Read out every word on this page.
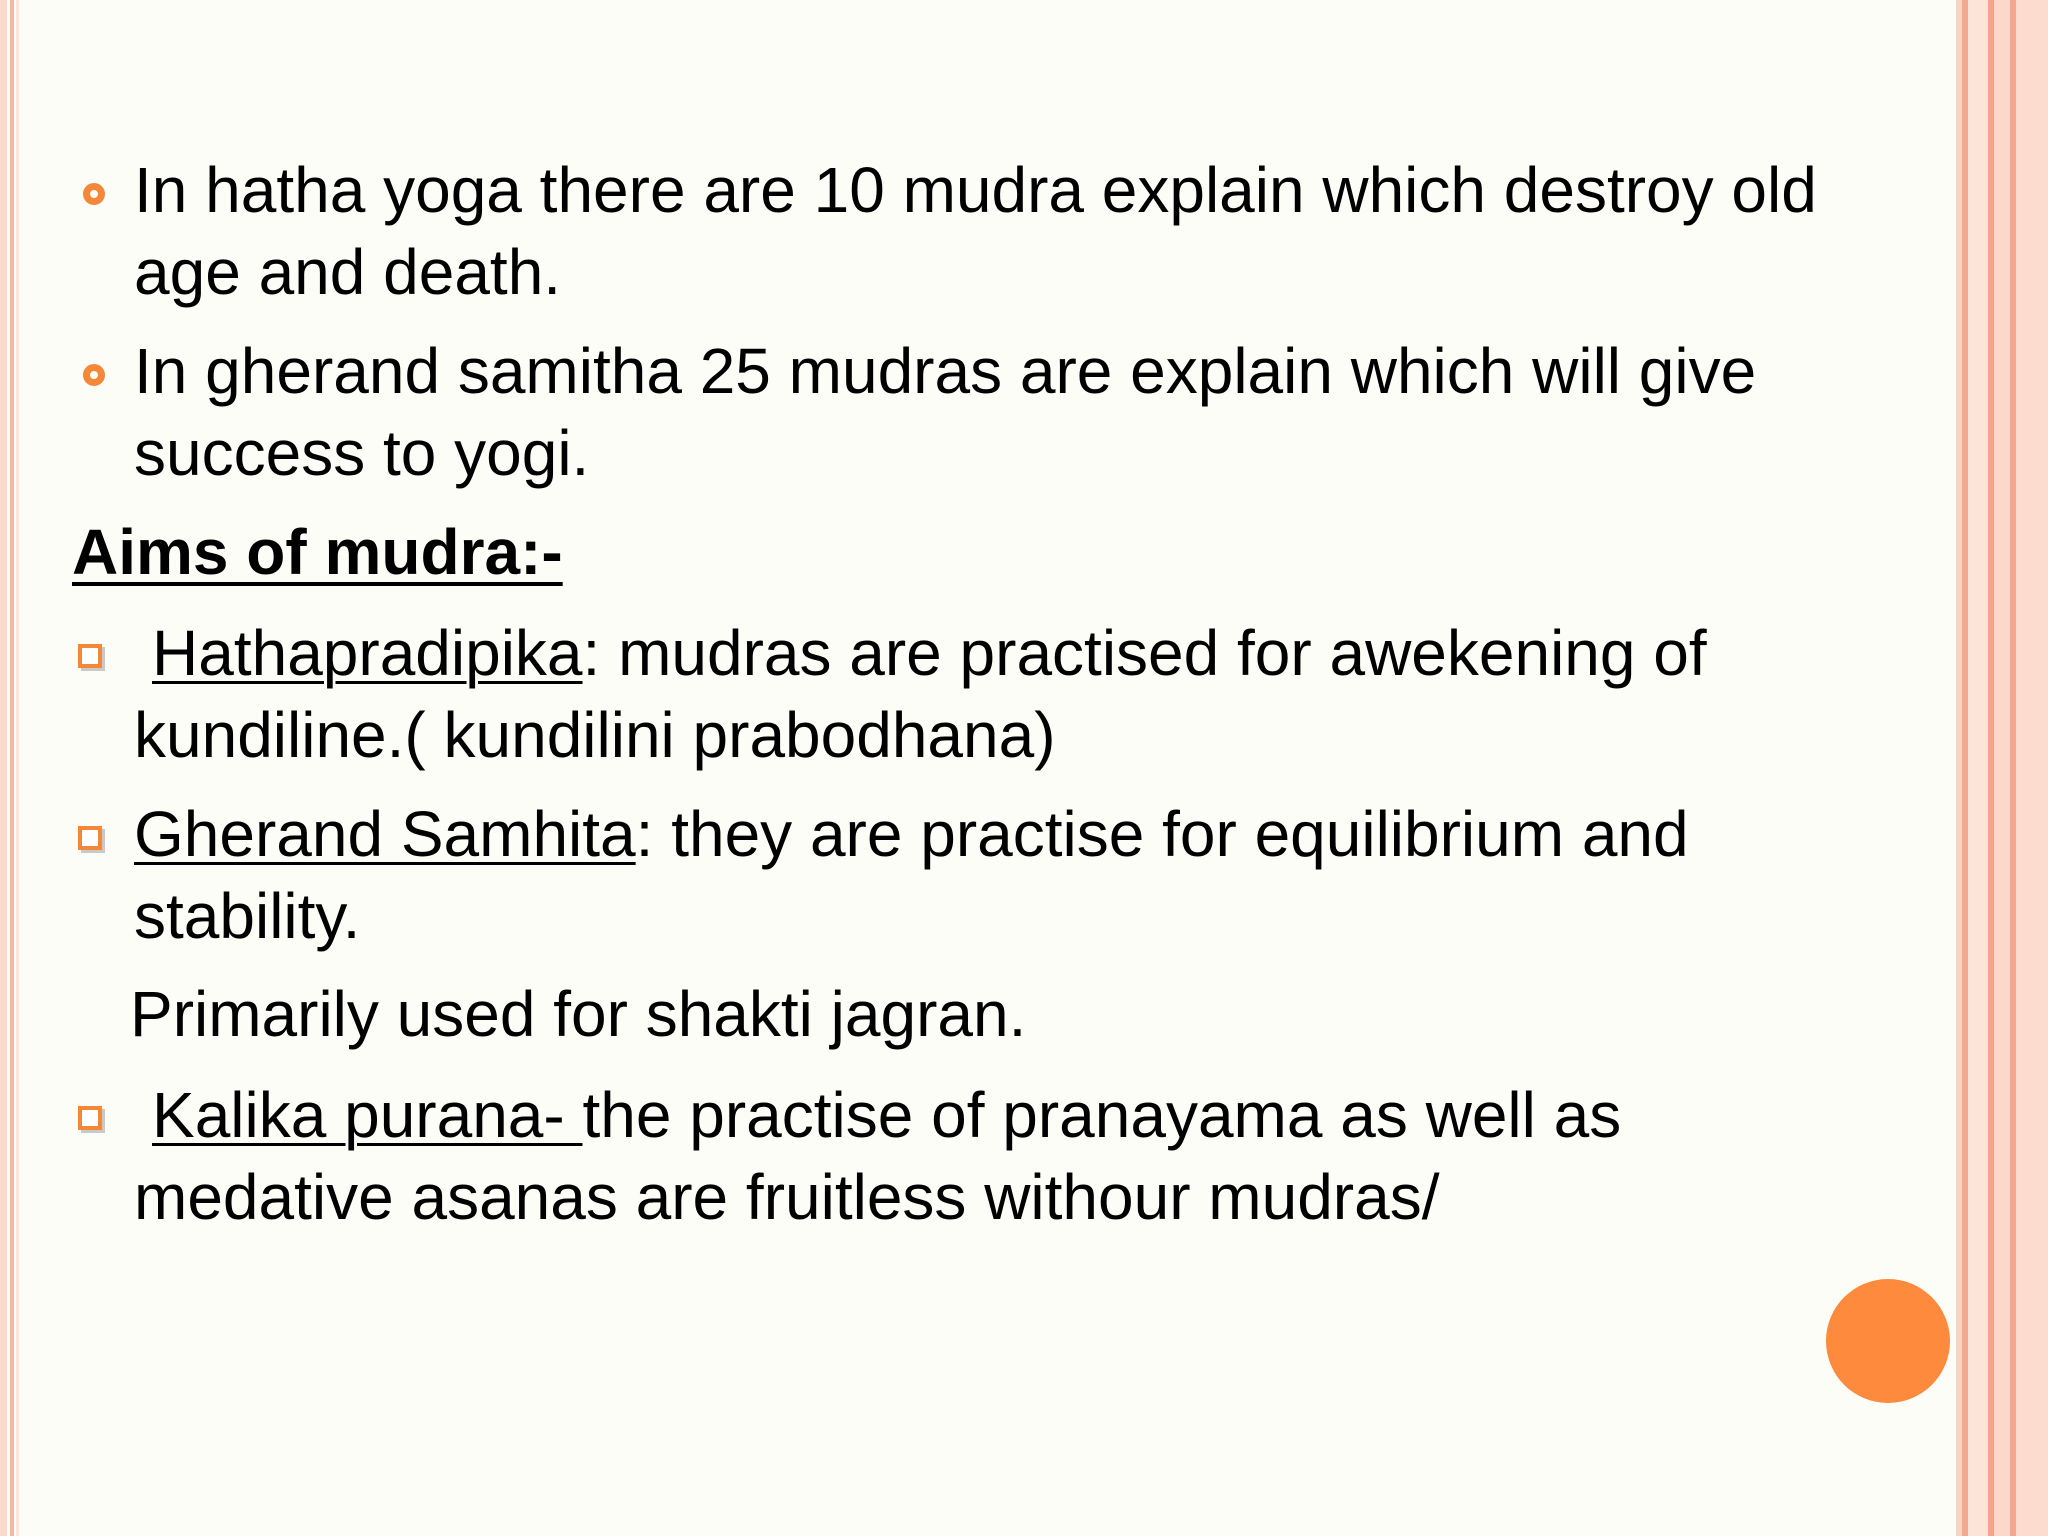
In hatha yoga there are 10 mudra explain which destroy old
age and death.
In gherand samitha 25 mudras are explain which will give
success to yogi.
Aims of mudra:-
Hathapradipika: mudras are practised for awekening of
kundiline.( kundilini prabodhana)
Gherand Samhita: they are practise for equilibrium and
stability.
Primarily used for shakti jagran.
Kalika purana- the practise of pranayama as well as
medative asanas are fruitless withour mudras/
